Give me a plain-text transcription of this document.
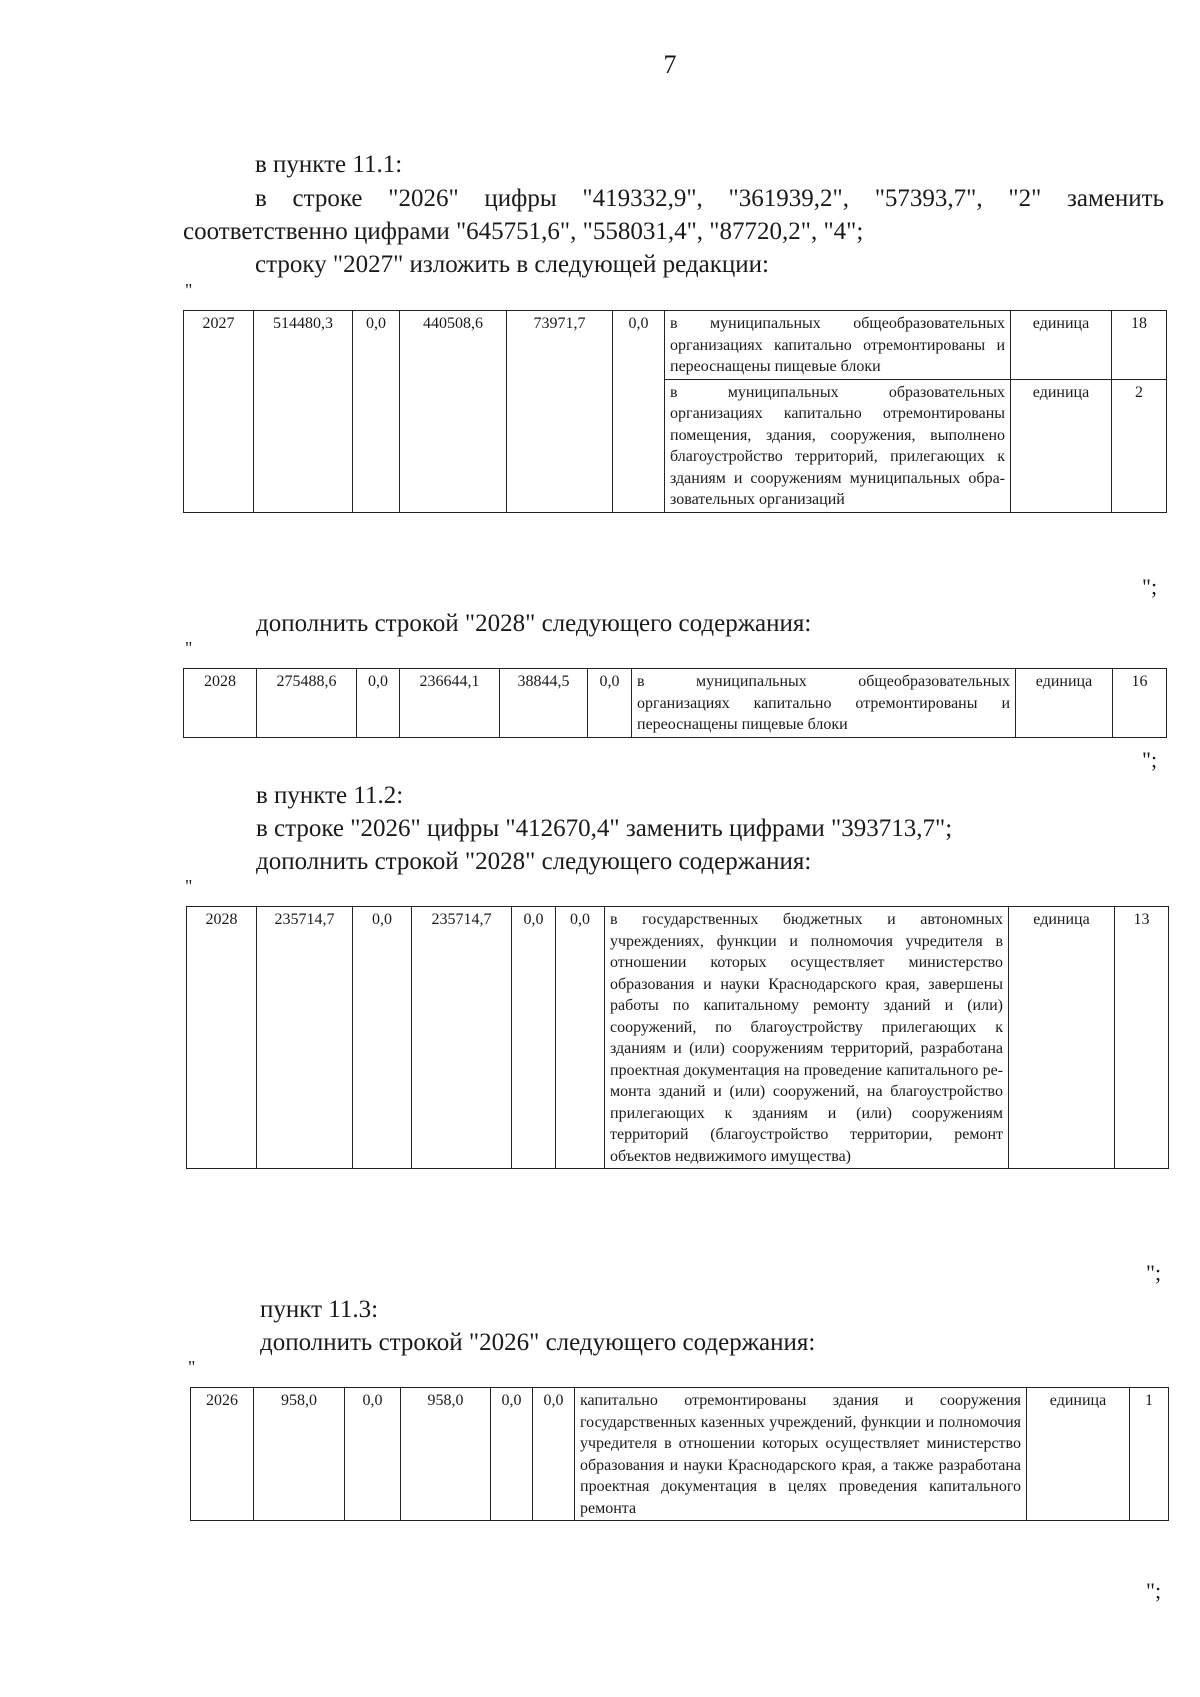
7
в пункте 11.1:
в строке "2026" цифры "419332,9", "361939,2", "57393,7", "2" заменить
соответственно цифрами "645751,6", "558031,4", "87720,2", "4";
строку "2027" изложить в следующей редакции:
"
2027	514480,3	0,0	440508,6	73971,7	0,0	в муниципальных общеобразовательных организациях капитально отремонтированы и переоснащены пищевые блоки	единица	18
						в муниципальных образовательных организациях капитально отремонтированы помещения, здания, сооружения, выполнено благоустройство территорий, прилегающих к зданиям и сооружениям муниципальных образовательных организаций	единица	2
";
дополнить строкой "2028" следующего содержания:
"
2028	275488,6	0,0	236644,1	38844,5	0,0	в муниципальных общеобразовательных организациях капитально отремонтированы и переоснащены пищевые блоки	единица	16
";
в пункте 11.2:
в строке "2026" цифры "412670,4" заменить цифрами "393713,7";
дополнить строкой "2028" следующего содержания:
"
2028	235714,7	0,0	235714,7	0,0	0,0	в государственных бюджетных и автономных учреждениях, функции и полномочия учредителя в отношении которых осуществляет министерство образования и науки Краснодарского края, завершены работы по капитальному ремонту зданий и (или) сооружений, по благоустройству прилегающих к зданиям и (или) сооружениям территорий, разработана проектная документация на проведение капитального ремонта зданий и (или) сооружений, на благоустройство прилегающих к зданиям и (или) сооружениям территорий (благоустройство территории, ремонт объектов недвижимого имущества)	единица	13
";
пункт 11.3:
дополнить строкой "2026" следующего содержания:
"
2026	958,0	0,0	958,0	0,0	0,0	капитально отремонтированы здания и сооружения государственных казенных учреждений, функции и полномочия учредителя в отношении которых осуществляет министерство образования и науки Краснодарского края, а также разработана проектная документация в целях проведения капитального ремонта	единица	1
";
